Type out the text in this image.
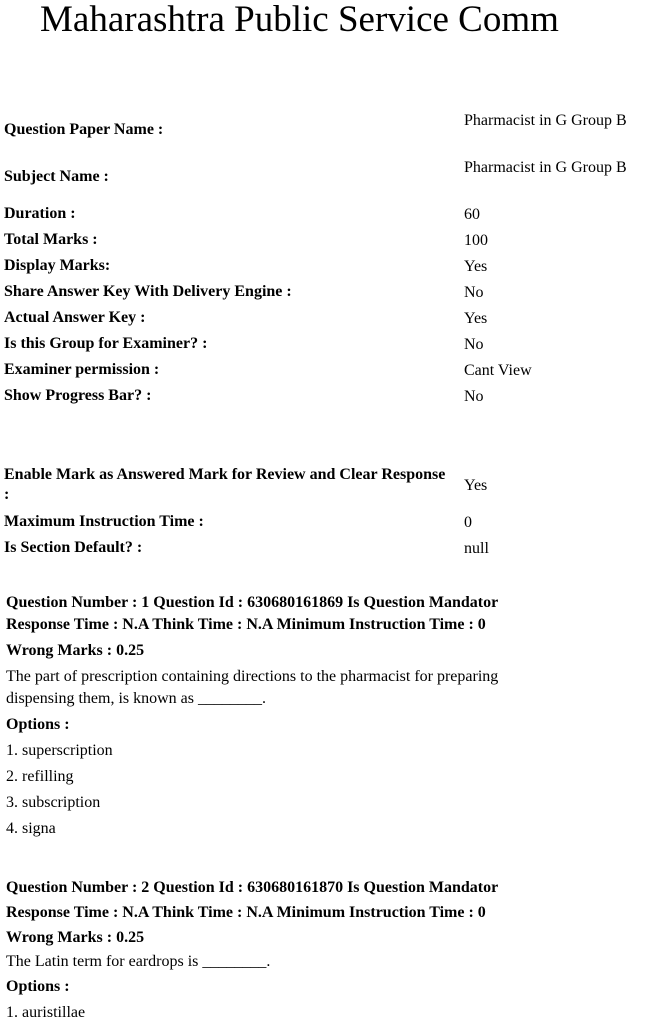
Maharashtra Public Service Comm
Question Paper Name :
Pharmacist in G Group B
Subject Name :
Pharmacist in G Group B
Duration :	60
Total Marks :	100
Display Marks:	Yes
Share Answer Key With Delivery Engine :	No
Actual Answer Key :	Yes
Is this Group for Examiner? :	No
Examiner permission :	Cant View
Show Progress Bar? :	No
Enable Mark as Answered Mark for Review and Clear Response :
Yes
Maximum Instruction Time :	0
Is Section Default? :	null
Question Number : 1 Question Id : 630680161869 Is Question Mandator
Response Time : N.A Think Time : N.A Minimum Instruction Time : 0
Wrong Marks : 0.25
The part of prescription containing directions to the pharmacist for preparing
dispensing them, is known as ________.
Options :
1. superscription
2. refilling
3. subscription
4. signa
Question Number : 2 Question Id : 630680161870 Is Question Mandator
Response Time : N.A Think Time : N.A Minimum Instruction Time : 0
Wrong Marks : 0.25
The Latin term for eardrops is ________.
Options :
1. auristillae
